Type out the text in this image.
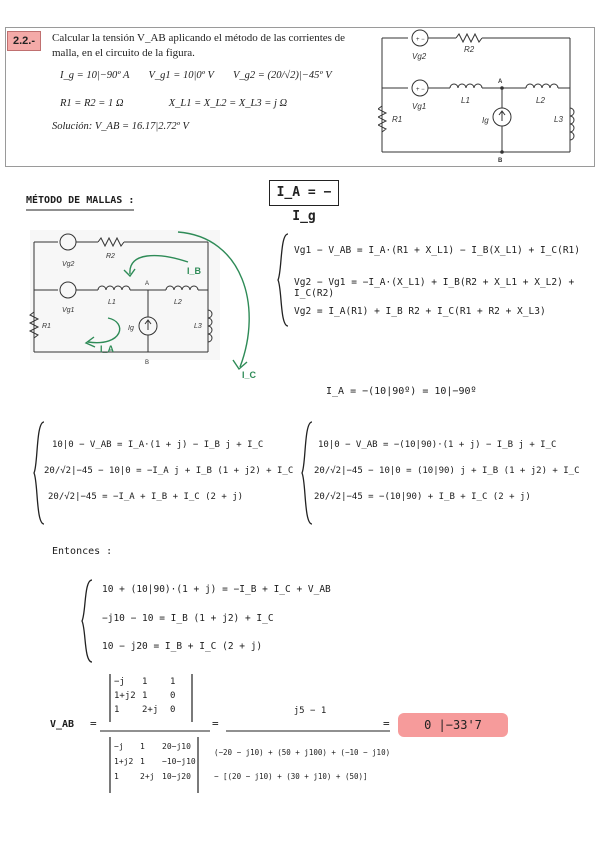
2.2.-	Calcular la tensión V_AB aplicando el método de las corrientes de malla, en el circuito de la figura.
I_g = 10|−90º A V_g1 = 10|0º V V_g2 = (20/√2)|−45º V
R1 = R2 = 1 Ω	X_L1 = X_L2 = X_L3 = j Ω
Solución: V_AB = 16.17|2.72º V
+ −
+ −
Vg2
R2
Vg1
L1	L2
R1	Ig	L3
A
B
MÉTODO DE MALLAS :
I_A = − I_g
I_B
I_A
I_C
Vg2
R2
Vg1
L1	L2
R1	Ig	L3
A
B
Vg1 − V_AB = I_A·(R1 + X_L1) − I_B(X_L1) + I_C(R1)
Vg2 − Vg1 = −I_A·(X_L1) + I_B(R2 + X_L1 + X_L2) + I_C(R2)
Vg2 = I_A(R1) + I_B R2 + I_C(R1 + R2 + X_L3)
I_A = −(10|90º) = 10|−90º
10|0 − V_AB = I_A·(1 + j) − I_B j + I_C
20/√2|−45 − 10|0 = −I_A j + I_B (1 + j2) + I_C
20/√2|−45 = −I_A + I_B + I_C (2 + j)
10|0 − V_AB = −(10|90)·(1 + j) − I_B j + I_C
20/√2|−45 − 10|0 = (10|90) j + I_B (1 + j2) + I_C
20/√2|−45 = −(10|90) + I_B + I_C (2 + j)
Entonces :
10 + (10|90)·(1 + j) = −I_B + I_C + V_AB
−j10 − 10 = I_B (1 + j2) + I_C
10 − j20 = I_B + I_C (2 + j)
V_AB =
−j	1	1
1+j2 1	0
1	2+j	0
−j	1	20−j10
1+j2 1	−10−j10
1	2+j 10−j20
=
j5 − 1
(−20 − j10) + (50 + j100) + (−10 − j10)
− [(20 − j10) + (30 + j10) + (50)]
=	0 |−33'7
